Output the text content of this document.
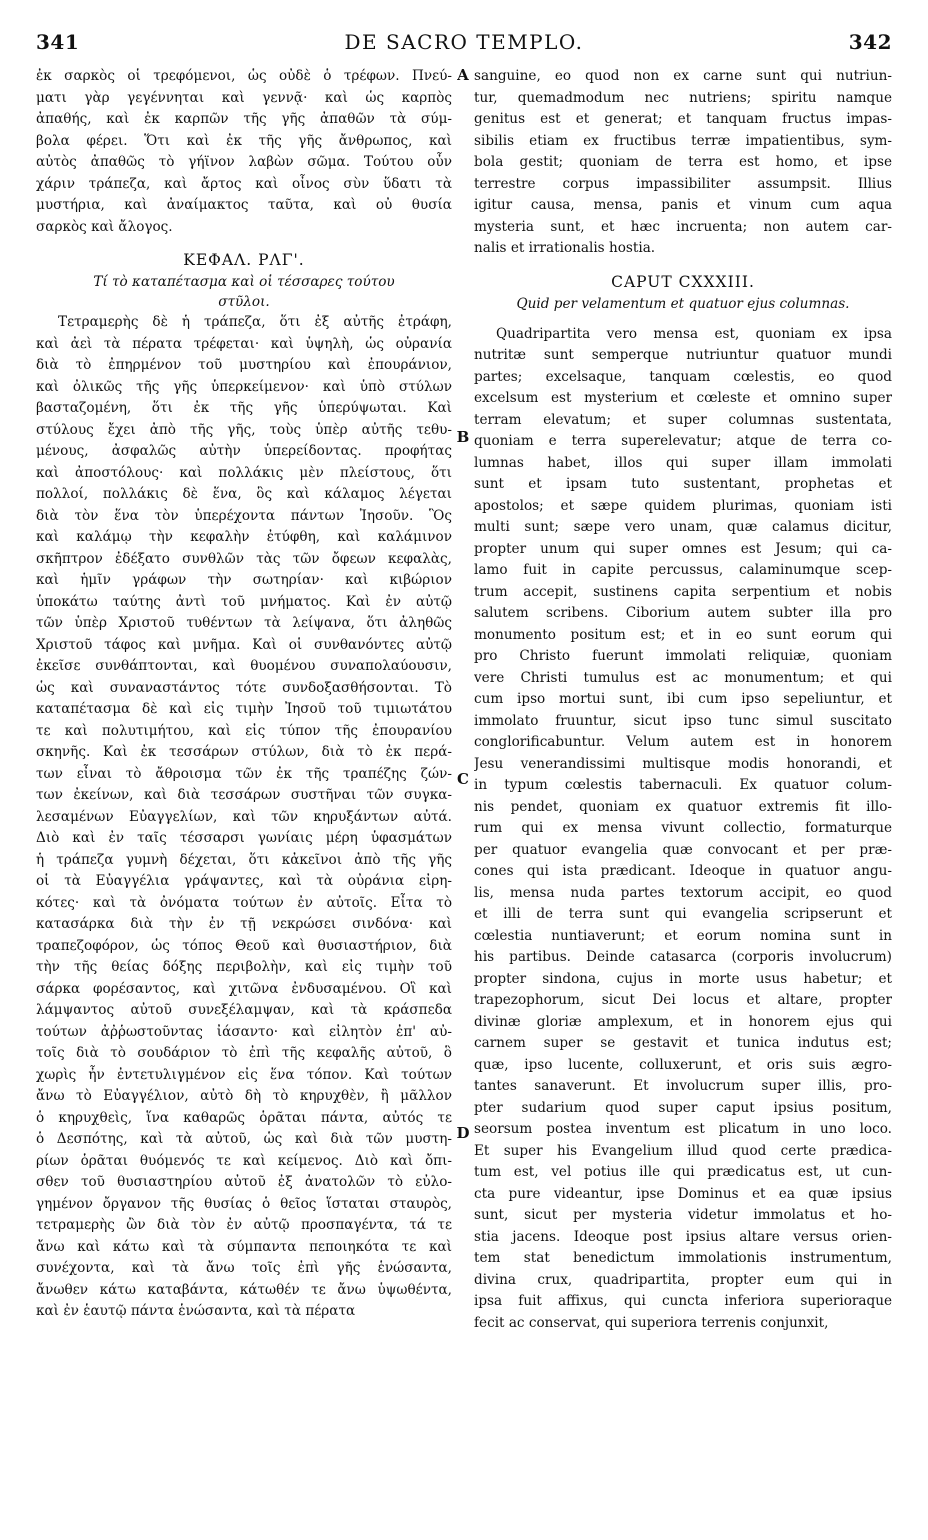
341	DE SACRO TEMPLO.	342
ἐκ σαρκὸς οἱ τρεφόμενοι, ὡς οὐδὲ ὁ τρέφων. Πνεύ-
ματι γὰρ γεγέννηται καὶ γεννᾷ· καὶ ὡς καρπὸς
ἀπαθής, καὶ ἐκ καρπῶν τῆς γῆς ἀπαθῶν τὰ σύμ-
βολα φέρει. Ὅτι καὶ ἐκ τῆς γῆς ἄνθρωπος, καὶ
αὐτὸς ἀπαθῶς τὸ γήϊνον λαβὼν σῶμα. Τούτου οὖν
χάριν τράπεζα, καὶ ἄρτος καὶ οἶνος σὺν ὕδατι τὰ
μυστήρια, καὶ ἀναίμακτος ταῦτα, καὶ οὐ θυσία
σαρκὸς καὶ ἄλογος.
ΚΕΦΑΛ. ΡΛΓ'.
Τί τὸ καταπέτασμα καὶ οἱ τέσσαρες τούτου
στῦλοι.
Τετραμερὴς δὲ ἡ τράπεζα, ὅτι ἐξ αὐτῆς ἐτράφη,
καὶ ἀεὶ τὰ πέρατα τρέφεται· καὶ ὑψηλὴ, ὡς οὐρανία
διὰ τὸ ἐπηρμένον τοῦ μυστηρίου καὶ ἐπουράνιον,
καὶ ὀλικῶς τῆς γῆς ὑπερκείμενον· καὶ ὑπὸ στύλων
βασταζομένη, ὅτι ἐκ τῆς γῆς ὑπερύψωται. Καὶ
στύλους ἔχει ἀπὸ τῆς γῆς, τοὺς ὑπὲρ αὐτῆς τεθυ-
μένους, ἀσφαλῶς αὐτὴν ὑπερείδοντας. προφήτας
καὶ ἀποστόλους· καὶ πολλάκις μὲν πλείστους, ὅτι
πολλοί, πολλάκις δὲ ἕνα, ὃς καὶ κάλαμος λέγεται
διὰ τὸν ἕνα τὸν ὑπερέχοντα πάντων Ἰησοῦν. Ὃς
καὶ καλάμῳ τὴν κεφαλὴν ἐτύφθη, καὶ καλάμινον
σκῆπτρον ἐδέξατο συνθλῶν τὰς τῶν ὄφεων κεφαλὰς,
καὶ ἡμῖν γράφων τὴν σωτηρίαν· καὶ κιβώριον
ὑποκάτω ταύτης ἀντὶ τοῦ μνήματος. Καὶ ἐν αὐτῷ
τῶν ὑπὲρ Χριστοῦ τυθέντων τὰ λείψανα, ὅτι ἀληθῶς
Χριστοῦ τάφος καὶ μνῆμα. Καὶ οἱ συνθανόντες αὐτῷ
ἐκεῖσε συνθάπτονται, καὶ θυομένου συναπολαύουσιν,
ὡς καὶ συναναστάντος τότε συνδοξασθήσονται. Τὸ
καταπέτασμα δὲ καὶ εἰς τιμὴν Ἰησοῦ τοῦ τιμιωτάτου
τε καὶ πολυτιμήτου, καὶ εἰς τύπον τῆς ἐπουρανίου
σκηνῆς. Καὶ ἐκ τεσσάρων στύλων, διὰ τὸ ἐκ περά-
των εἶναι τὸ ἄθροισμα τῶν ἐκ τῆς τραπέζης ζών-
των ἐκείνων, καὶ διὰ τεσσάρων συστῆναι τῶν συγκα-
λεσαμένων Εὐαγγελίων, καὶ τῶν κηρυξάντων αὐτά.
Διὸ καὶ ἐν ταῖς τέσσαρσι γωνίαις μέρη ὑφασμάτων
ἡ τράπεζα γυμνὴ δέχεται, ὅτι κἀκεῖνοι ἀπὸ τῆς γῆς
οἱ τὰ Εὐαγγέλια γράψαντες, καὶ τὰ οὐράνια εἰρη-
κότες· καὶ τὰ ὀνόματα τούτων ἐν αὐτοῖς. Εἶτα τὸ
κατασάρκα διὰ τὴν ἐν τῇ νεκρώσει σινδόνα· καὶ
τραπεζοφόρον, ὡς τόπος Θεοῦ καὶ θυσιαστήριον, διὰ
τὴν τῆς θείας δόξης περιβολὴν, καὶ εἰς τιμὴν τοῦ
σάρκα φορέσαντος, καὶ χιτῶνα ἐνδυσαμένου. Οἳ καὶ
λάμψαντος αὐτοῦ συνεξέλαμψαν, καὶ τὰ κράσπεδα
τούτων ἀῤῥωστοῦντας ἰάσαντο· καὶ εἰλητὸν ἐπ' αὐ-
τοῖς διὰ τὸ σουδάριον τὸ ἐπὶ τῆς κεφαλῆς αὐτοῦ, ὃ
χωρὶς ἦν ἐντετυλιγμένον εἰς ἕνα τόπον. Καὶ τούτων
ἄνω τὸ Εὐαγγέλιον, αὐτὸ δὴ τὸ κηρυχθὲν, ἢ μᾶλλον
ὁ κηρυχθεὶς, ἵνα καθαρῶς ὁρᾶται πάντα, αὐτός τε
ὁ Δεσπότης, καὶ τὰ αὐτοῦ, ὡς καὶ διὰ τῶν μυστη-
ρίων ὁρᾶται θυόμενός τε καὶ κείμενος. Διὸ καὶ ὄπι-
σθεν τοῦ θυσιαστηρίου αὐτοῦ ἐξ ἀνατολῶν τὸ εὐλο-
γημένον ὄργανον τῆς θυσίας ὁ θεῖος ἵσταται σταυρὸς,
τετραμερὴς ὢν διὰ τὸν ἐν αὐτῷ προσπαγέντα, τά τε
ἄνω καὶ κάτω καὶ τὰ σύμπαντα πεποιηκότα τε καὶ
συνέχοντα, καὶ τὰ ἄνω τοῖς ἐπὶ γῆς ἑνώσαντα,
ἄνωθεν κάτω καταβάντα, κάτωθέν τε ἄνω ὑψωθέντα,
καὶ ἐν ἑαυτῷ πάντα ἑνώσαντα, καὶ τὰ πέρατα
sanguine, eo quod non ex carne sunt qui nutriun-
tur, quemadmodum nec nutriens; spiritu namque
genitus est et generat; et tanquam fructus impas-
sibilis etiam ex fructibus terræ impatientibus, sym-
bola gestit; quoniam de terra est homo, et ipse
terrestre corpus impassibiliter assumpsit. Illius
igitur causa, mensa, panis et vinum cum aqua
mysteria sunt, et hæc incruenta; non autem car-
nalis et irrationalis hostia.
CAPUT CXXXIII.
Quid per velamentum et quatuor ejus columnas.
Quadripartita vero mensa est, quoniam ex ipsa
nutritæ sunt semperque nutriuntur quatuor mundi
partes; excelsaque, tanquam cœlestis, eo quod
excelsum est mysterium et cœleste et omnino super
terram elevatum; et super columnas sustentata,
quoniam e terra superelevatur; atque de terra co-
lumnas habet, illos qui super illam immolati
sunt et ipsam tuto sustentant, prophetas et
apostolos; et sæpe quidem plurimas, quoniam isti
multi sunt; sæpe vero unam, quæ calamus dicitur,
propter unum qui super omnes est Jesum; qui ca-
lamo fuit in capite percussus, calaminumque scep-
trum accepit, sustinens capita serpentium et nobis
salutem scribens. Ciborium autem subter illa pro
monumento positum est; et in eo sunt eorum qui
pro Christo fuerunt immolati reliquiæ, quoniam
vere Christi tumulus est ac monumentum; et qui
cum ipso mortui sunt, ibi cum ipso sepeliuntur, et
immolato fruuntur, sicut ipso tunc simul suscitato
conglorificabuntur. Velum autem est in honorem
Jesu venerandissimi multisque modis honorandi, et
in typum cœlestis tabernaculi. Ex quatuor colum-
nis pendet, quoniam ex quatuor extremis fit illo-
rum qui ex mensa vivunt collectio, formaturque
per quatuor evangelia quæ convocant et per præ-
cones qui ista prædicant. Ideoque in quatuor angu-
lis, mensa nuda partes textorum accipit, eo quod
et illi de terra sunt qui evangelia scripserunt et
cœlestia nuntiaverunt; et eorum nomina sunt in
his partibus. Deinde catasarca (corporis involucrum)
propter sindona, cujus in morte usus habetur; et
trapezophorum, sicut Dei locus et altare, propter
divinæ gloriæ amplexum, et in honorem ejus qui
carnem super se gestavit et tunica indutus est;
quæ, ipso lucente, colluxerunt, et oris suis ægro-
tantes sanaverunt. Et involucrum super illis, pro-
pter sudarium quod super caput ipsius positum,
seorsum postea inventum est plicatum in uno loco.
Et super his Evangelium illud quod certe prædica-
tum est, vel potius ille qui prædicatus est, ut cun-
cta pure videantur, ipse Dominus et ea quæ ipsius
sunt, sicut per mysteria videtur immolatus et ho-
stia jacens. Ideoque post ipsius altare versus orien-
tem stat benedictum immolationis instrumentum,
divina crux, quadripartita, propter eum qui in
ipsa fuit affixus, qui cuncta inferiora superioraque
fecit ac conservat, qui superiora terrenis conjunxit,
A
B
C
D
